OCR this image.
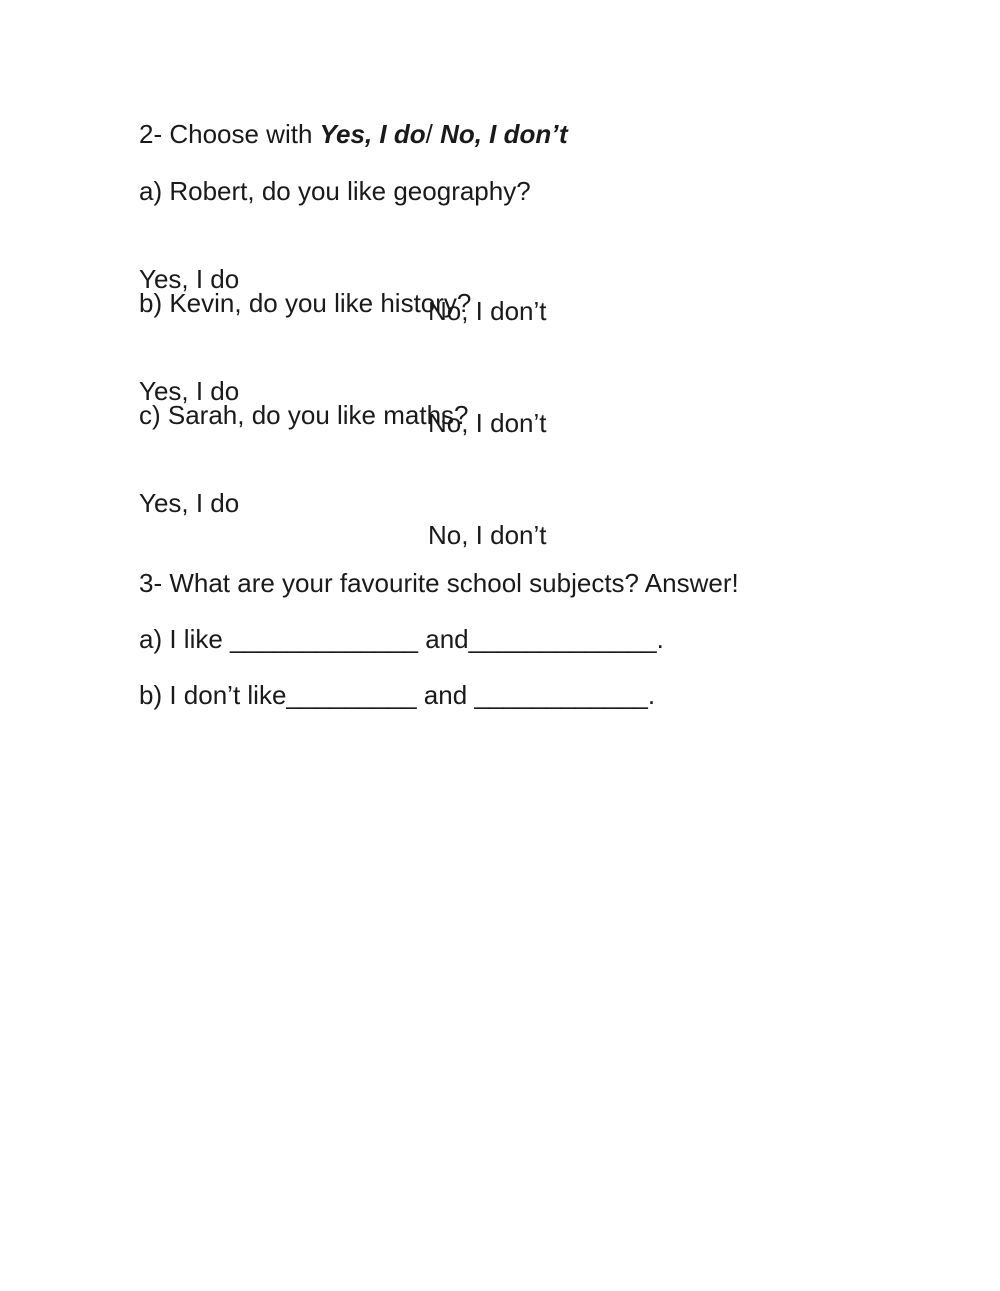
2- Choose with Yes, I do/ No, I don’t
a) Robert, do you like geography?

Yes, I do

No, I don’t

b) Kevin, do you like history?

Yes, I do

No, I don’t

c) Sarah, do you like maths?

Yes, I do

No, I don’t

3- What are your favourite school subjects? Answer!
a) I like _____________ and_____________.
b) I don’t like_________ and ____________.
